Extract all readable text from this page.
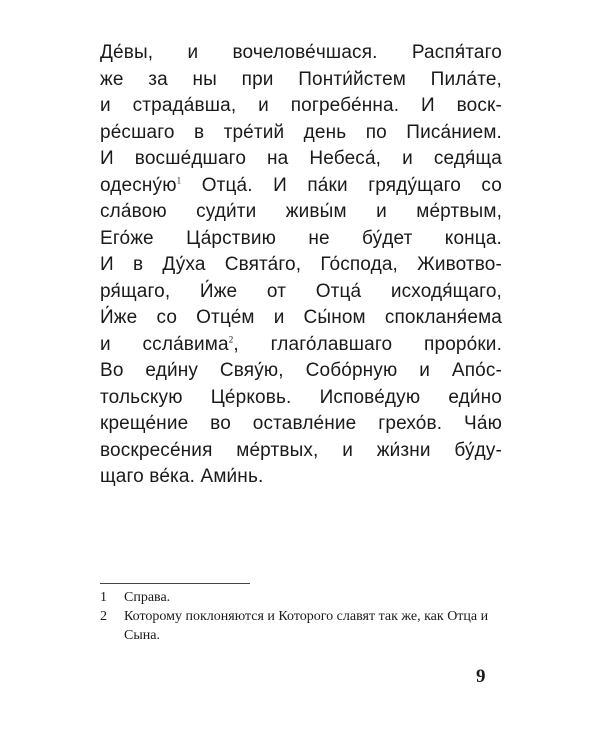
Де́вы, и вочелове́чшася. Распя́таго
же за ны при Понти́йстем Пила́те,
и страда́вша, и погребе́нна. И воск-
ре́сшаго в тре́тий день по Писа́нием.
И восше́дшаго на Небеса́, и седя́ща
$одесну́ю^1$ Отца́. И па́ки гряду́щаго со
сла́вою суди́ти живы́м и ме́ртвым,
Его́же Ца́рствию не бу́дет конца.
И в Ду́ха Свята́го, Го́спода, Животво-
ря́щаго, И́же от Отца́ исходя́щаго,
И́же со Отце́м и Сы́ном спокланя́ема
и ссла́вима$^2$, глаго́лавшаго проро́ки.
Во еди́ну Свяу́ю, Собо́рную и Апо́с-
тольскую Це́рковь. Испове́дую еди́но
креще́ние во оставле́ние грехо́в. Ча́ю
воскресе́ния ме́ртвых, и жи́зни бу́ду-
щаго ве́ка. Ами́нь.
1	Справа.
2	Которому поклоняются и Которого славят так же, как Отца и Сына.
9
